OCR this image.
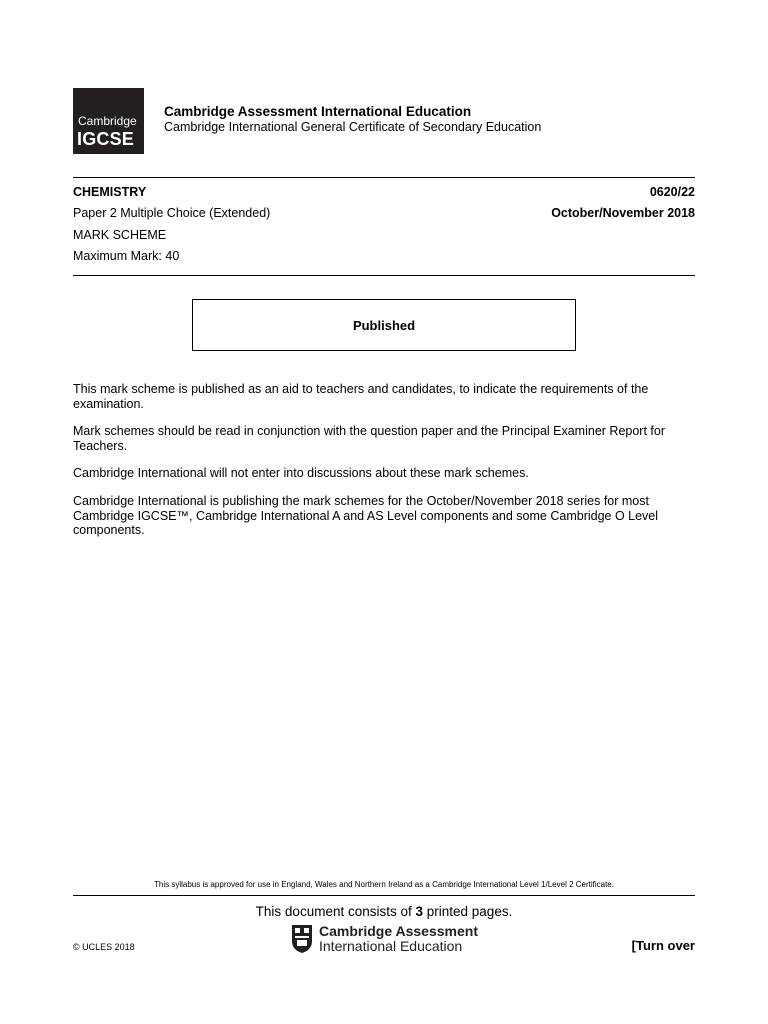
Cambridge
IGCSE
Cambridge Assessment International Education
Cambridge International General Certificate of Secondary Education
CHEMISTRY	0620/22
Paper 2 Multiple Choice (Extended)	October/November 2018
MARK SCHEME
Maximum Mark: 40
Published

This mark scheme is published as an aid to teachers and candidates, to indicate the requirements of the examination.

Mark schemes should be read in conjunction with the question paper and the Principal Examiner Report for Teachers.

Cambridge International will not enter into discussions about these mark schemes.

Cambridge International is publishing the mark schemes for the October/November 2018 series for most Cambridge IGCSE™, Cambridge International A and AS Level components and some Cambridge O Level components.

This syllabus is approved for use in England, Wales and Northern Ireland as a Cambridge International Level 1/Level 2 Certificate.
This document consists of 3 printed pages.
© UCLES 2018
Cambridge Assessment
International Education	[Turn over
